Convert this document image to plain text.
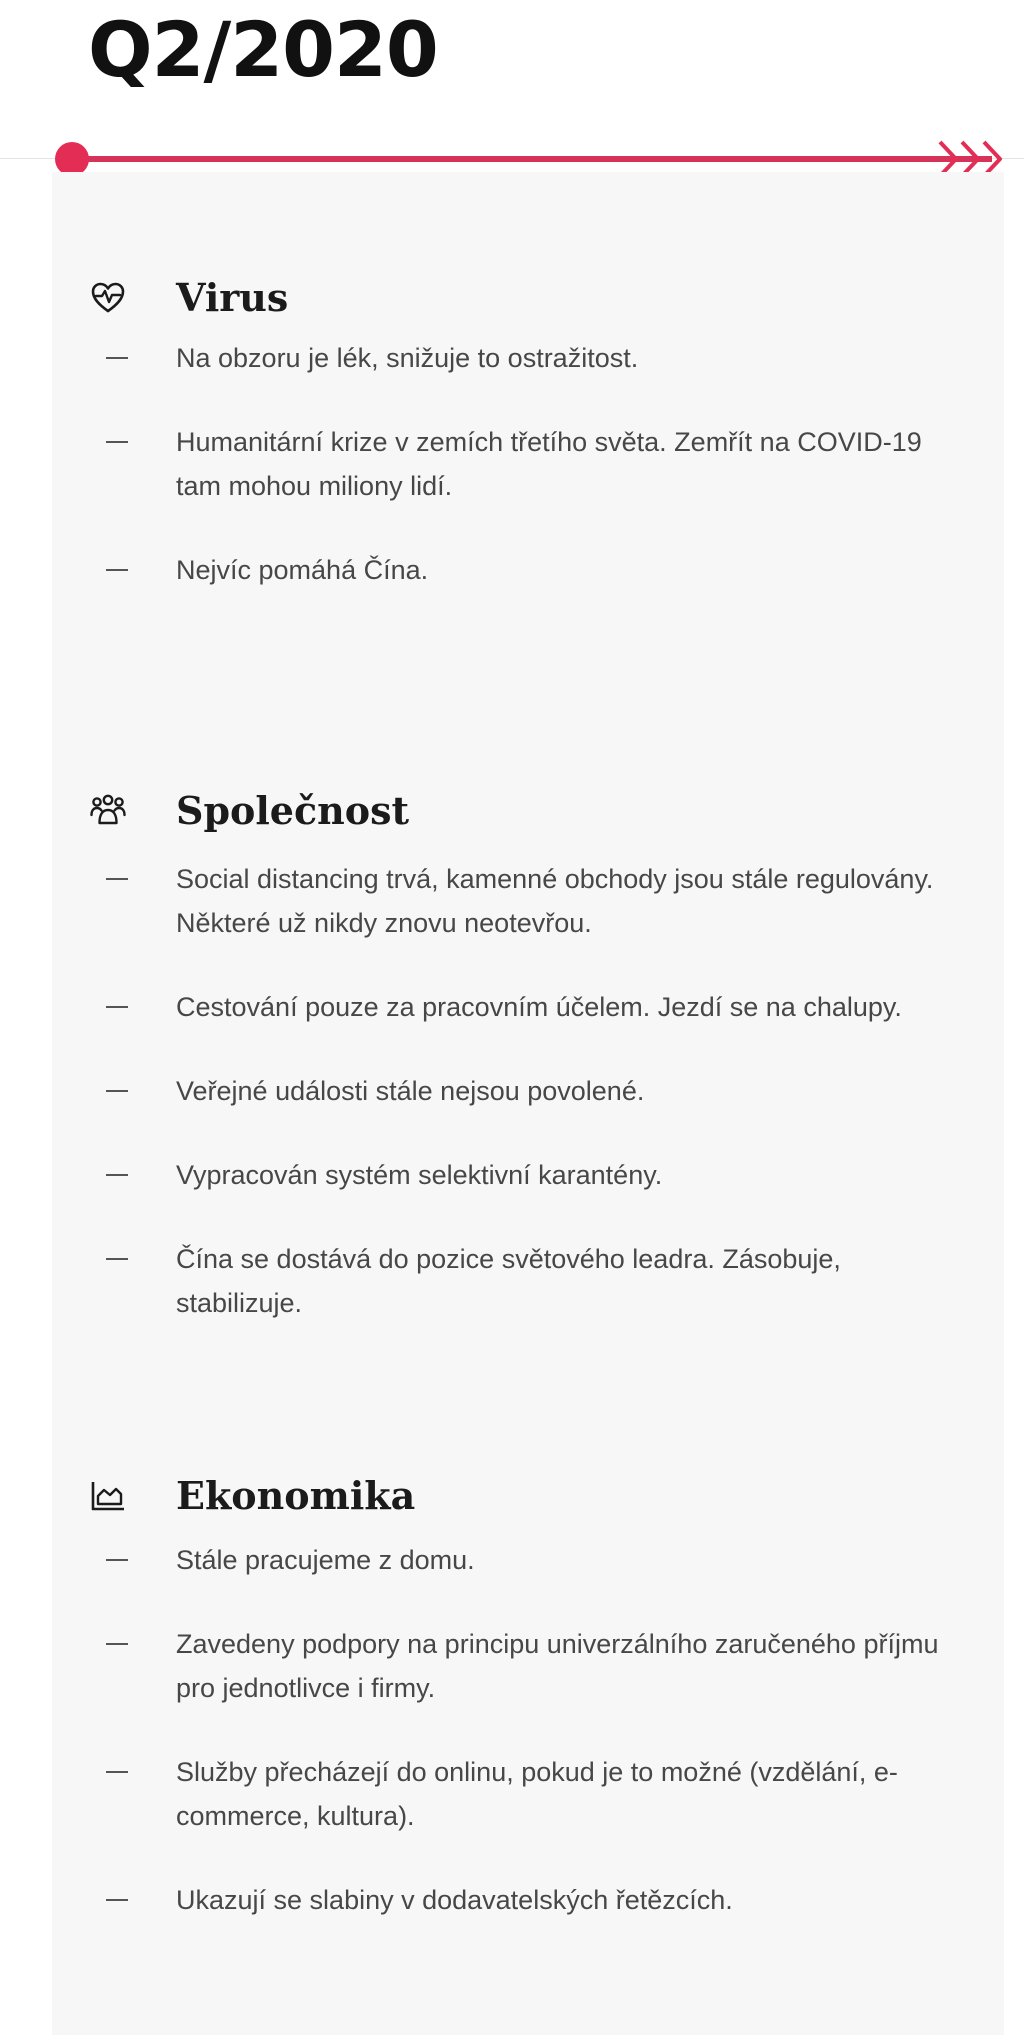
Q2/2020
Virus
Na obzoru je lék, snižuje to ostražitost.
Humanitární krize v zemích třetího světa. Zemřít na COVID-19 tam mohou miliony lidí.
Nejvíc pomáhá Čína.
Společnost
Social distancing trvá, kamenné obchody jsou stále regulovány. Některé už nikdy znovu neotevřou.
Cestování pouze za pracovním účelem. Jezdí se na chalupy.
Veřejné události stále nejsou povolené.
Vypracován systém selektivní karantény.
Čína se dostává do pozice světového leadra. Zásobuje, stabilizuje.
Ekonomika
Stále pracujeme z domu.
Zavedeny podpory na principu univerzálního zaručeného příjmu pro jednotlivce i firmy.
Služby přecházejí do onlinu, pokud je to možné (vzdělání, e-commerce, kultura).
Ukazují se slabiny v dodavatelských řetězcích.
